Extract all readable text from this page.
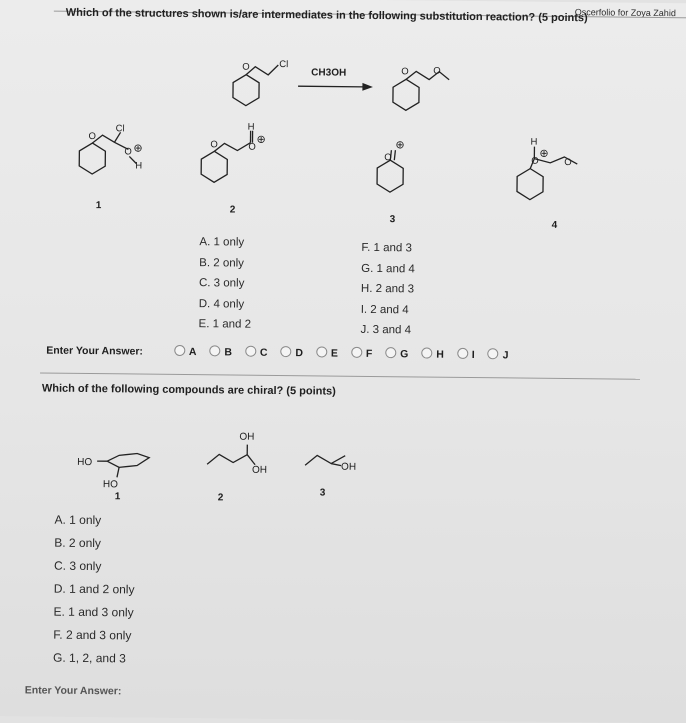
Oscerfolio for Zoya Zahid
Which of the structures shown is/are intermediates in the following substitution reaction? (5 points)
O	Cl
O	O
O
Cl
O ⊕
H
O
H
O
⊕
O
⊕	H
O
⊕
O
1	2
3
4
CH3OH
A. 1 only
B. 2 only
C. 3 only
D. 4 only
E. 1 and 2
F. 1 and 3
G. 1 and 4
H. 2 and 3
I. 2 and 4
J. 3 and 4
Enter Your Answer:	A	B	C	D	E	F	G	H	I	J
Which of the following compounds are chiral? (5 points)
HO
HO
OH
OH	OH
1	2	3
A. 1 only
B. 2 only
C. 3 only
D. 1 and 2 only
E. 1 and 3 only
F. 2 and 3 only
G. 1, 2, and 3
Enter Your Answer:
